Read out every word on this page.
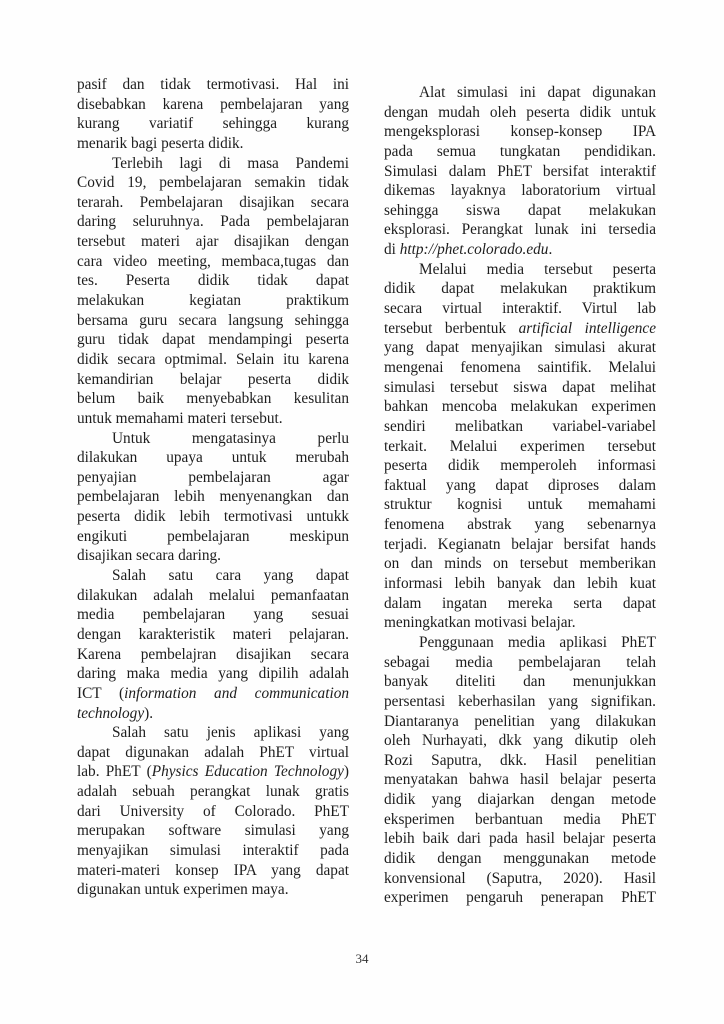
pasif dan tidak termotivasi. Hal ini
disebabkan karena pembelajaran yang
kurang variatif sehingga kurang
menarik bagi peserta didik.
Terlebih lagi di masa Pandemi
Covid 19, pembelajaran semakin tidak
terarah. Pembelajaran disajikan secara
daring seluruhnya. Pada pembelajaran
tersebut materi ajar disajikan dengan
cara video meeting, membaca,tugas dan
tes. Peserta didik tidak dapat
melakukan kegiatan praktikum
bersama guru secara langsung sehingga
guru tidak dapat mendampingi peserta
didik secara optmimal. Selain itu karena
kemandirian belajar peserta didik
belum baik menyebabkan kesulitan
untuk memahami materi tersebut.
Untuk mengatasinya perlu
dilakukan upaya untuk merubah
penyajian pembelajaran agar
pembelajaran lebih menyenangkan dan
peserta didik lebih termotivasi untukk
engikuti pembelajaran meskipun
disajikan secara daring.
Salah satu cara yang dapat
dilakukan adalah melalui pemanfaatan
media pembelajaran yang sesuai
dengan karakteristik materi pelajaran.
Karena pembelajran disajikan secara
daring maka media yang dipilih adalah
ICT (information and communication
technology).
Salah satu jenis aplikasi yang
dapat digunakan adalah PhET virtual
lab. PhET (Physics Education Technology)
adalah sebuah perangkat lunak gratis
dari University of Colorado. PhET
merupakan software simulasi yang
menyajikan simulasi interaktif pada
materi-materi konsep IPA yang dapat
digunakan untuk experimen maya.
Alat simulasi ini dapat digunakan
dengan mudah oleh peserta didik untuk
mengeksplorasi konsep-konsep IPA
pada semua tungkatan pendidikan.
Simulasi dalam PhET bersifat interaktif
dikemas layaknya laboratorium virtual
sehingga siswa dapat melakukan
eksplorasi. Perangkat lunak ini tersedia
di http://phet.colorado.edu.
Melalui media tersebut peserta
didik dapat melakukan praktikum
secara virtual interaktif. Virtul lab
tersebut berbentuk artificial intelligence
yang dapat menyajikan simulasi akurat
mengenai fenomena saintifik. Melalui
simulasi tersebut siswa dapat melihat
bahkan mencoba melakukan experimen
sendiri melibatkan variabel-variabel
terkait. Melalui experimen tersebut
peserta didik memperoleh informasi
faktual yang dapat diproses dalam
struktur kognisi untuk memahami
fenomena abstrak yang sebenarnya
terjadi. Kegianatn belajar bersifat hands
on dan minds on tersebut memberikan
informasi lebih banyak dan lebih kuat
dalam ingatan mereka serta dapat
meningkatkan motivasi belajar.
Penggunaan media aplikasi PhET
sebagai media pembelajaran telah
banyak diteliti dan menunjukkan
persentasi keberhasilan yang signifikan.
Diantaranya penelitian yang dilakukan
oleh Nurhayati, dkk yang dikutip oleh
Rozi Saputra, dkk. Hasil penelitian
menyatakan bahwa hasil belajar peserta
didik yang diajarkan dengan metode
eksperimen berbantuan media PhET
lebih baik dari pada hasil belajar peserta
didik dengan menggunakan metode
konvensional (Saputra, 2020). Hasil
experimen pengaruh penerapan PhET
34
